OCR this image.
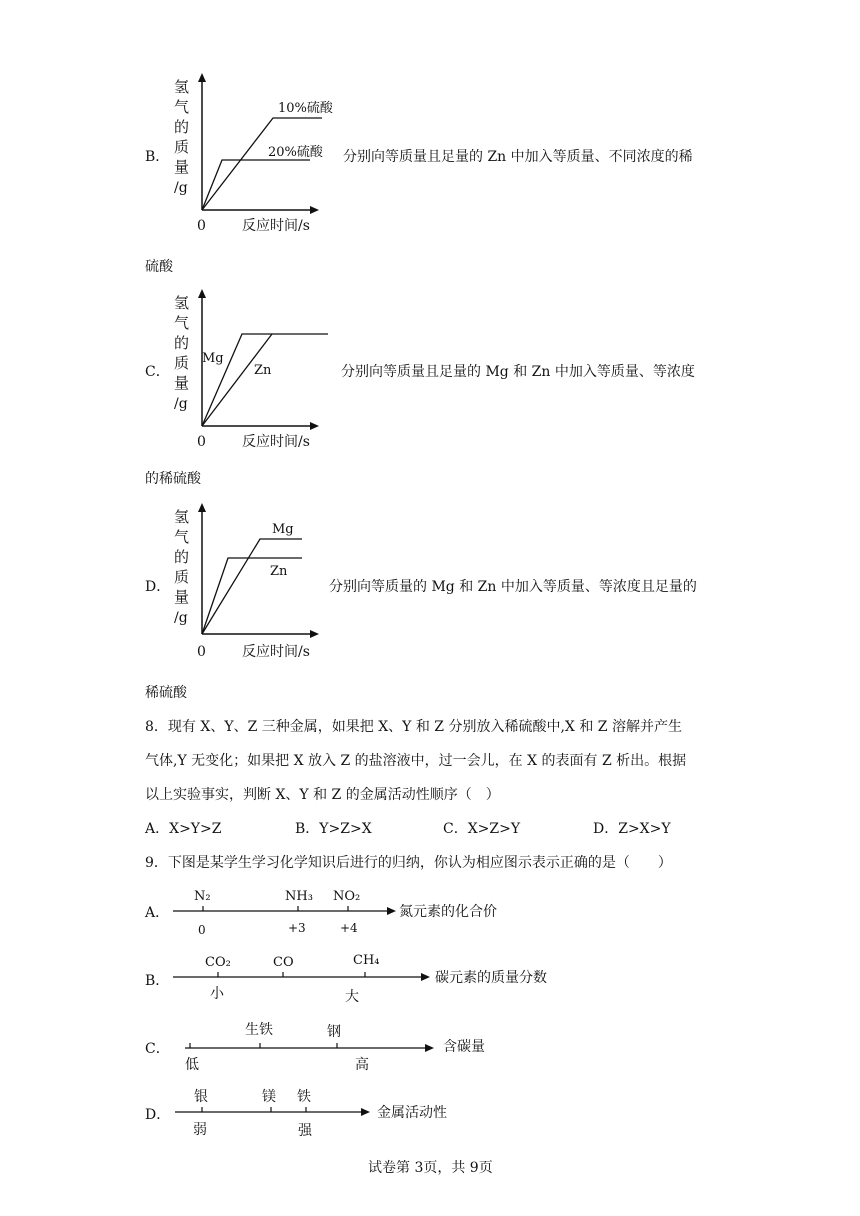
B．
氢
气
的
质
量
/g
10%硫酸
20%硫酸
0	反应时间/s
分别向等质量且足量的 Zn 中加入等质量、不同浓度的稀
硫酸
C．
氢
气
的
质
量
/g
Mg
Zn
0	反应时间/s
分别向等质量且足量的 Mg 和 Zn 中加入等质量、等浓度
的稀硫酸
D．
氢
气
的
质
量
/g
Mg
Zn
0	反应时间/s
分别向等质量的 Mg 和 Zn 中加入等质量、等浓度且足量的
稀硫酸
8．现有 X、Y、Z 三种金属，如果把 X、Y 和 Z 分别放入稀硫酸中,X 和 Z 溶解并产生
气体,Y 无变化；如果把 X 放入 Z 的盐溶液中，过一会儿，在 X 的表面有 Z 析出。根据
以上实验事实，判断 X、Y 和 Z 的金属活动性顺序（　）
A．X>Y>Z	B．Y>Z>X	C．X>Z>Y	D．Z>X>Y
9．下图是某学生学习化学知识后进行的归纳，你认为相应图示表示正确的是（　　）
A．
N₂	NH₃ NO₂
0	+3	+4
氮元素的化合价
B．
CO₂	CO	CH₄
小	大
碳元素的质量分数
C．
生铁	钢
低	高
含碳量
D．
银	镁 铁
弱	强
金属活动性
试卷第 3页，共 9页
